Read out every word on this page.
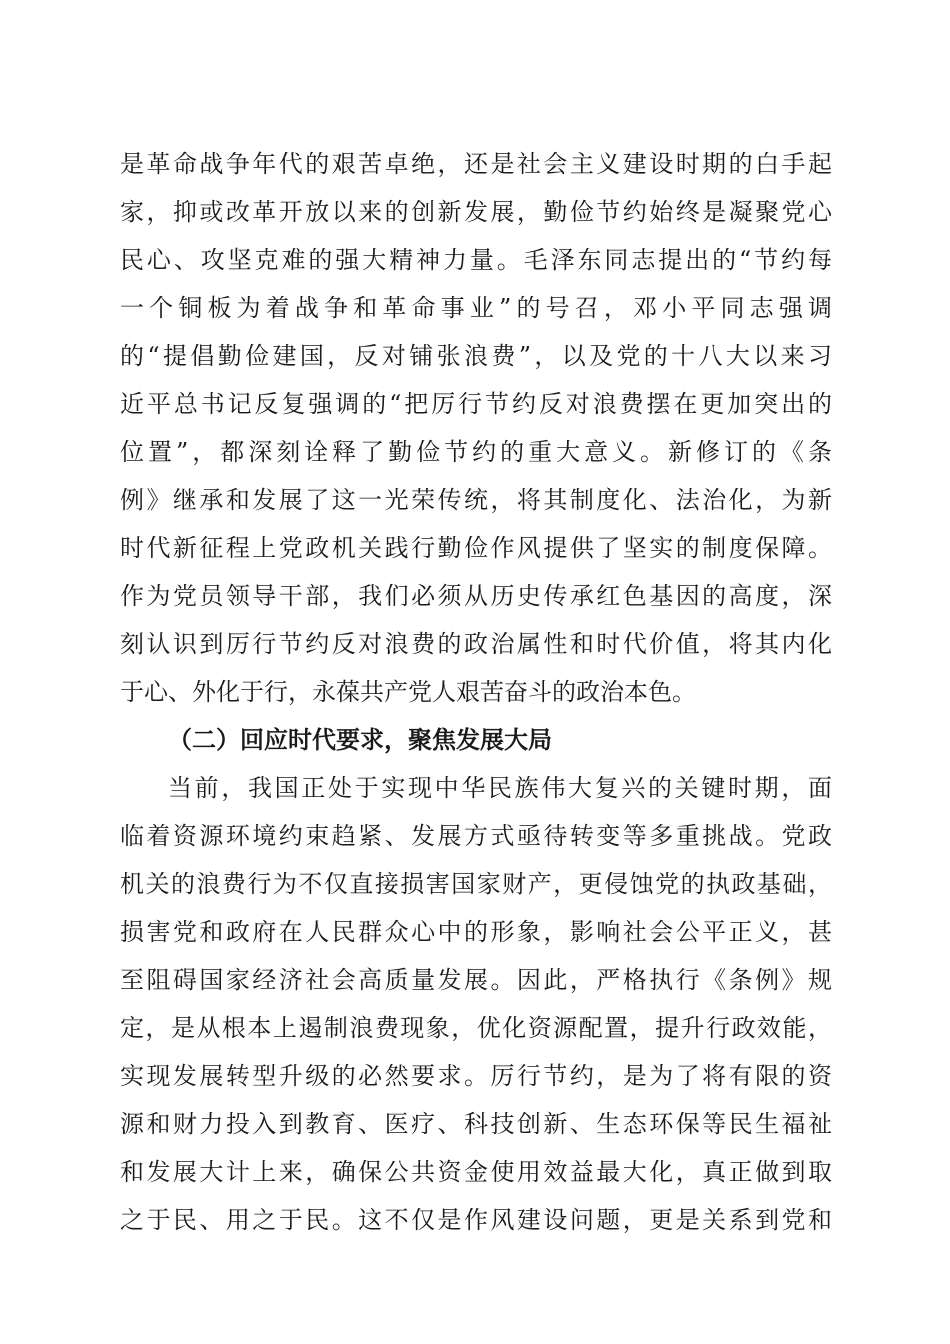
是革命战争年代的艰苦卓绝，还是社会主义建设时期的白手起
家，抑或改革开放以来的创新发展，勤俭节约始终是凝聚党心
民心、攻坚克难的强大精神力量。毛泽东同志提出的“节约每
一个铜板为着战争和革命事业”的号召，邓小平同志强调
的“提倡勤俭建国，反对铺张浪费”，以及党的十八大以来习
近平总书记反复强调的“把厉行节约反对浪费摆在更加突出的
位置”，都深刻诠释了勤俭节约的重大意义。新修订的《条
例》继承和发展了这一光荣传统，将其制度化、法治化，为新
时代新征程上党政机关践行勤俭作风提供了坚实的制度保障。
作为党员领导干部，我们必须从历史传承红色基因的高度，深
刻认识到厉行节约反对浪费的政治属性和时代价值，将其内化
于心、外化于行，永葆共产党人艰苦奋斗的政治本色。
（二）回应时代要求，聚焦发展大局
当前，我国正处于实现中华民族伟大复兴的关键时期，面
临着资源环境约束趋紧、发展方式亟待转变等多重挑战。党政
机关的浪费行为不仅直接损害国家财产，更侵蚀党的执政基础，
损害党和政府在人民群众心中的形象，影响社会公平正义，甚
至阻碍国家经济社会高质量发展。因此，严格执行《条例》规
定，是从根本上遏制浪费现象，优化资源配置，提升行政效能，
实现发展转型升级的必然要求。厉行节约，是为了将有限的资
源和财力投入到教育、医疗、科技创新、生态环保等民生福祉
和发展大计上来，确保公共资金使用效益最大化，真正做到取
之于民、用之于民。这不仅是作风建设问题，更是关系到党和
